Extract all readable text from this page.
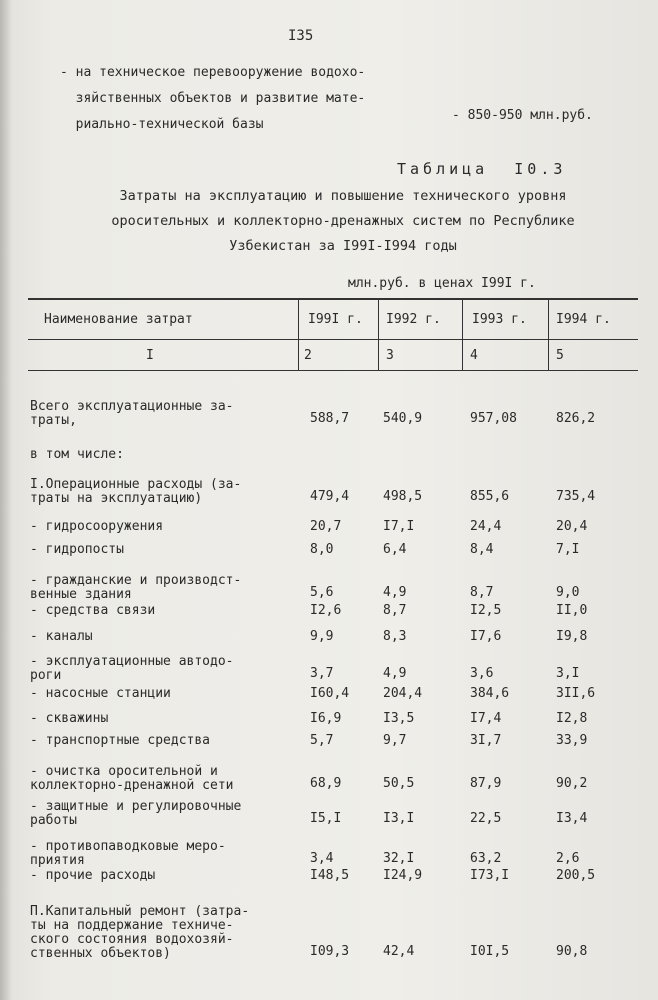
I35
- на техническое перевооружение водохо-
зяйственных объектов и развитие мате-
риально-технической базы
- 850-950 млн.руб.
Таблица  I0.3
Затраты на эксплуатацию и повышение технического уровня
оросительных и коллекторно-дренажных систем по Республике
Узбекистан за I99I-I994 годы
млн.руб. в ценах I99I г.
Наименование затрат	I99I г. I992 г. I993 г. I994 г.
I	2	3	4	5
Всего эксплуатационные за-
траты,	588,7	540,9	957,08	826,2
в том числе:
I.Операционные расходы (за-
траты на эксплуатацию)	479,4	498,5	855,6	735,4
- гидросооружения	20,7	I7,I	24,4	20,4
- гидропосты	8,0	6,4	8,4	7,I
- гражданские и производст-
венные здания	5,6	4,9	8,7	9,0
- средства связи	I2,6	8,7	I2,5	II,0
- каналы	9,9	8,3	I7,6	I9,8
- эксплуатационные автодо-
роги	3,7	4,9	3,6	3,I
- насосные станции	I60,4	204,4	384,6	3II,6
- скважины	I6,9	I3,5	I7,4	I2,8
- транспортные средства	5,7	9,7	3I,7	33,9
- очистка оросительной и
коллекторно-дренажной сети	68,9	50,5	87,9	90,2
- защитные и регулировочные
работы	I5,I	I3,I	22,5	I3,4
- противопаводковые меро-
приятия	3,4	32,I	63,2	2,6
- прочие расходы	I48,5	I24,9	I73,I	200,5
П.Капитальный ремонт (затра-
ты на поддержание техниче-
ского состояния водохозяй-
ственных объектов)	I09,3	42,4	I0I,5	90,8
